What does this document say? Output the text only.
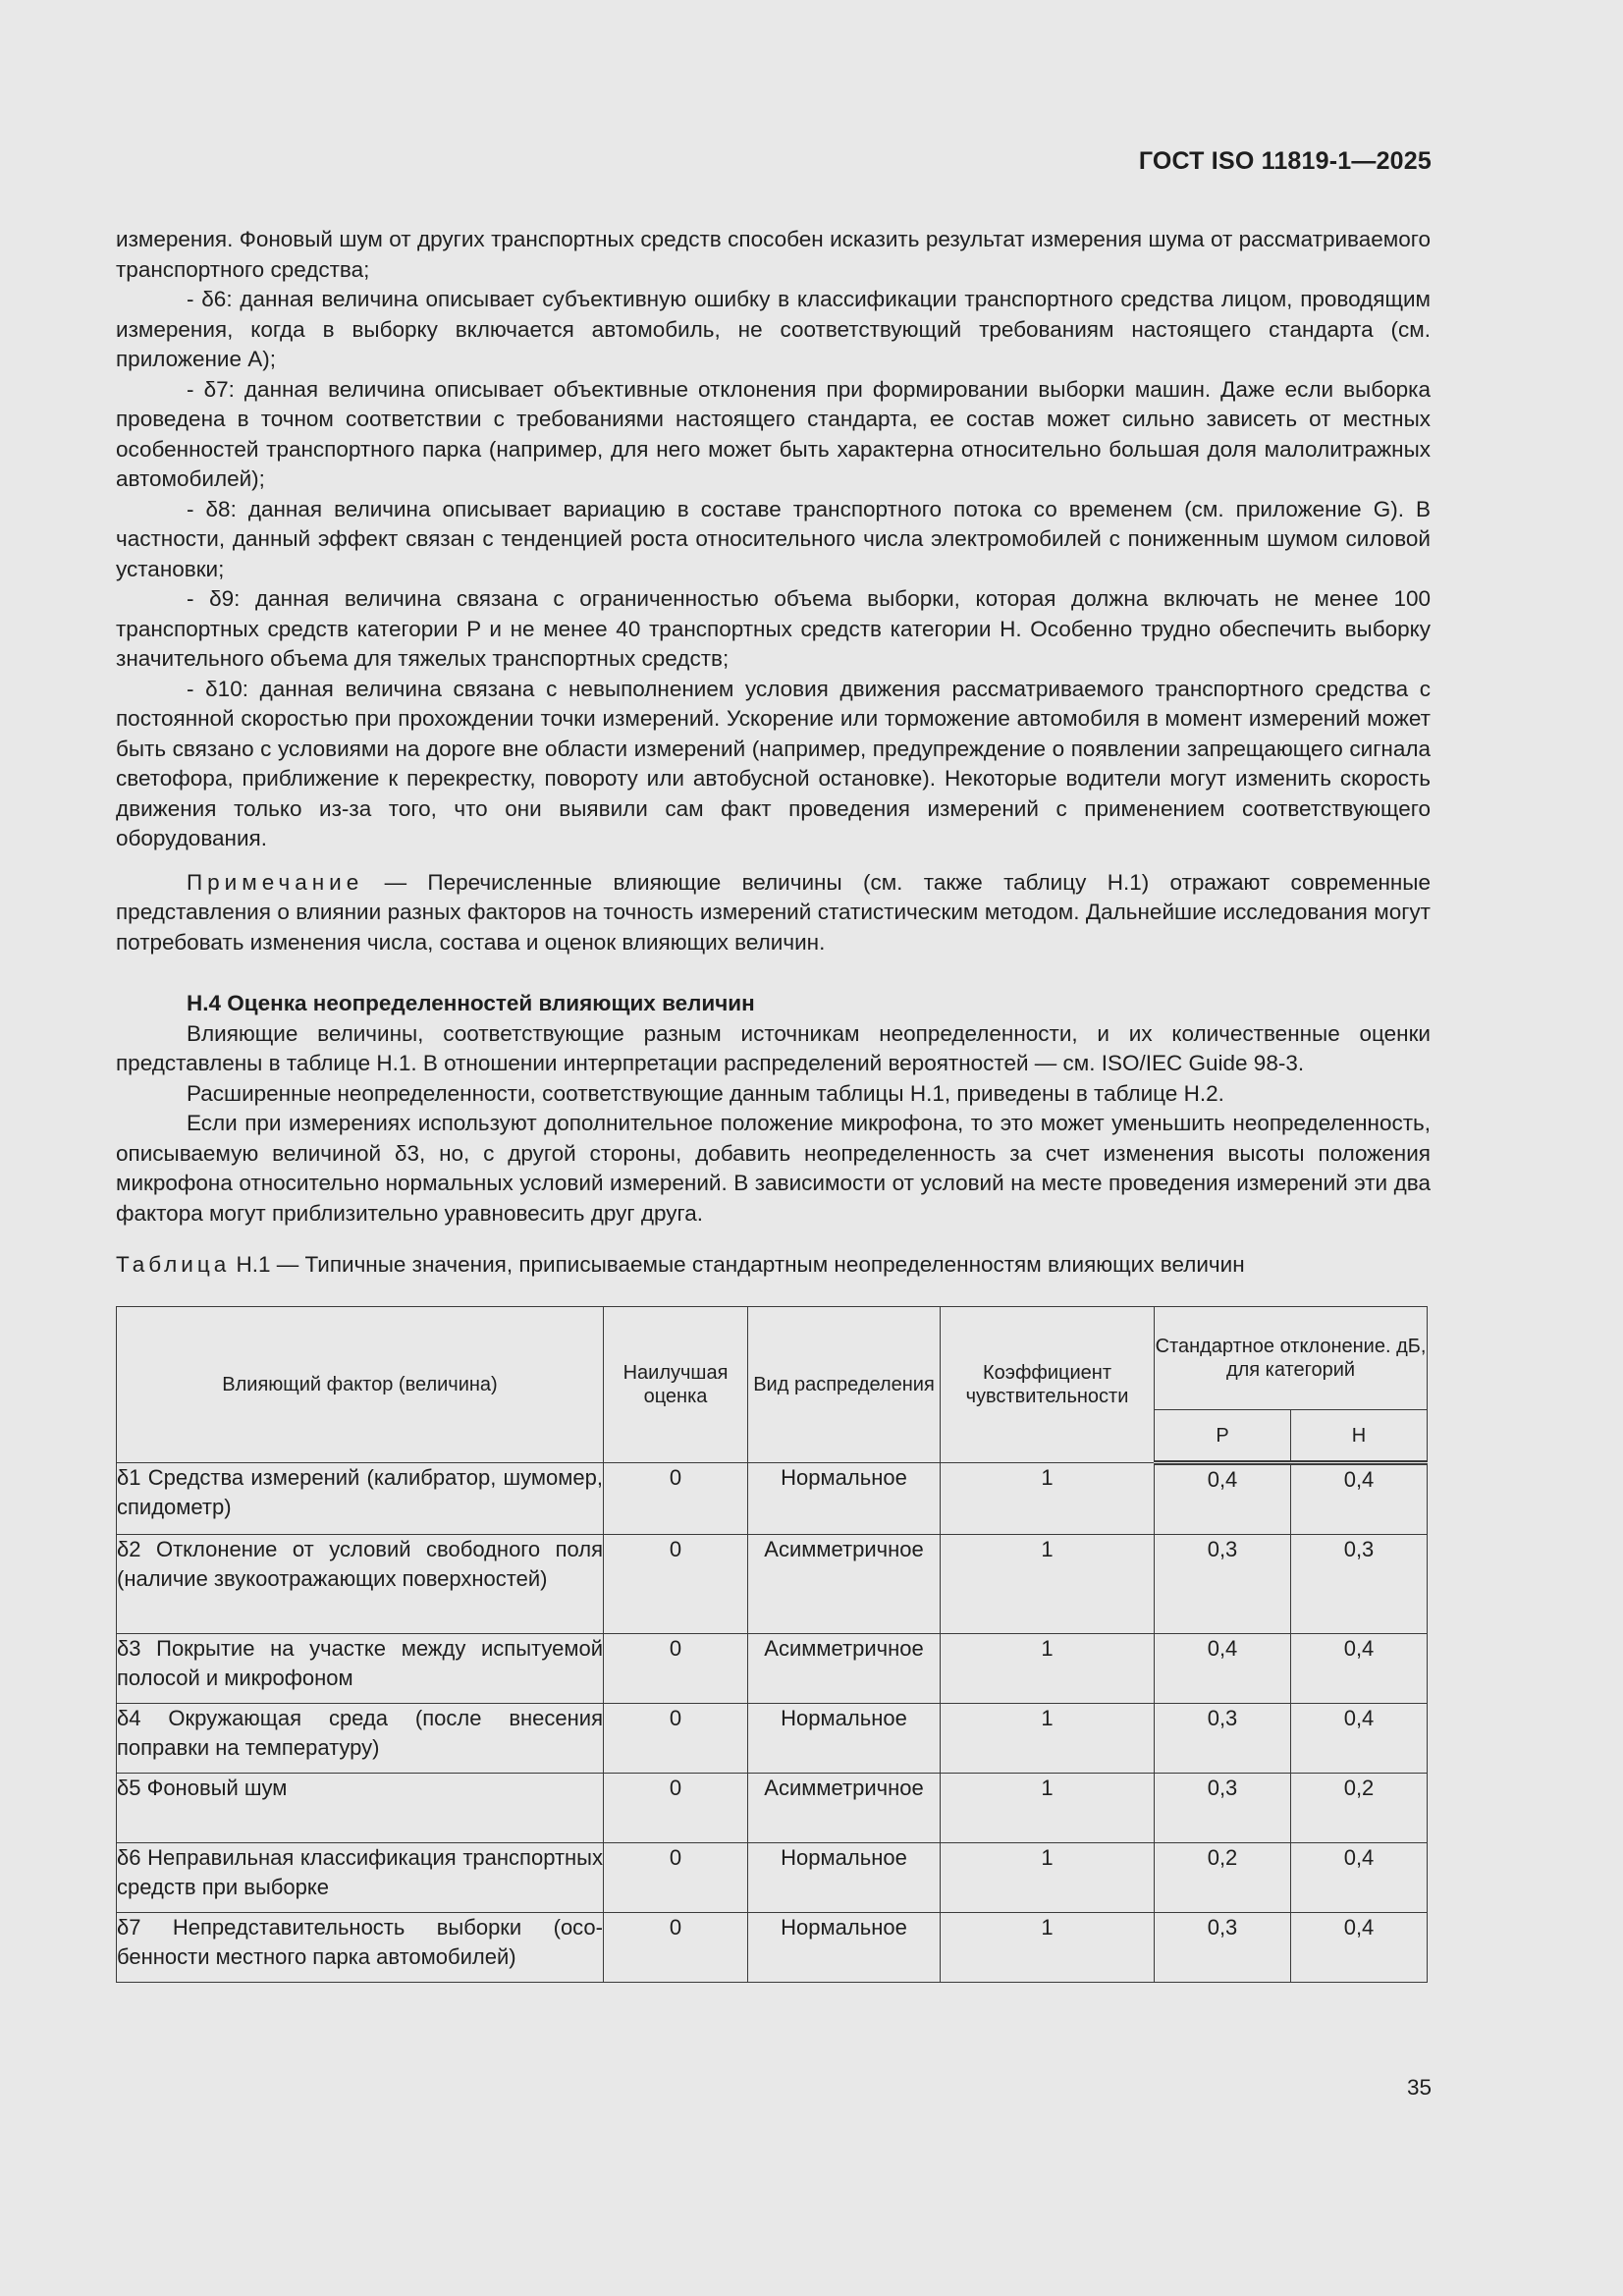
ГОСТ ISO 11819-1—2025

измерения. Фоновый шум от других транспортных средств способен исказить результат измерения шума от рассматриваемого транспортного средства;

- δ6: данная величина описывает субъективную ошибку в классификации транспортного средства лицом, проводящим измерения, когда в выборку включается автомобиль, не соответствующий требованиям настоящего стандарта (см. приложение А);

- δ7: данная величина описывает объективные отклонения при формировании выборки машин. Даже если выборка проведена в точном соответствии с требованиями настоящего стандарта, ее состав может сильно зависеть от местных особенностей транспортного парка (например, для него может быть характерна относительно большая доля малолитражных автомобилей);

- δ8: данная величина описывает вариацию в составе транспортного потока со временем (см. приложение G). В частности, данный эффект связан с тенденцией роста относительного числа электромобилей с пониженным шумом силовой установки;

- δ9: данная величина связана с ограниченностью объема выборки, которая должна включать не менее 100 транспортных средств категории P и не менее 40 транспортных средств категории Н. Особенно трудно обеспечить выборку значительного объема для тяжелых транспортных средств;

- δ10: данная величина связана с невыполнением условия движения рассматриваемого транспортного средства с постоянной скоростью при прохождении точки измерений. Ускорение или торможение автомобиля в момент измерений может быть связано с условиями на дороге вне области измерений (например, предупреждение о появлении запрещающего сигнала светофора, приближение к перекрестку, повороту или автобусной остановке). Некоторые водители могут изменить скорость движения только из-за того, что они выявили сам факт проведения измерений с применением соответствующего оборудования.

Примечание — Перечисленные влияющие величины (см. также таблицу H.1) отражают современные представления о влиянии разных факторов на точность измерений статистическим методом. Дальнейшие исследования могут потребовать изменения числа, состава и оценок влияющих величин.

Н.4 Оценка неопределенностей влияющих величин

Влияющие величины, соответствующие разным источникам неопределенности, и их количественные оценки представлены в таблице Н.1. В отношении интерпретации распределений вероятностей — см. ISO/IEC Guide 98-3.

Расширенные неопределенности, соответствующие данным таблицы Н.1, приведены в таблице Н.2.

Если при измерениях используют дополнительное положение микрофона, то это может уменьшить неопределенность, описываемую величиной δ3, но, с другой стороны, добавить неопределенность за счет изменения высоты положения микрофона относительно нормальных условий измерений. В зависимости от условий на месте проведения измерений эти два фактора могут приблизительно уравновесить друг друга.

Таблица Н.1 — Типичные значения, приписываемые стандартным неопределенностям влияющих величин

Влияющий фактор (величина)	Наилучшая оценка	Вид распределения	Коэффициент чувствительности	Стандартное отклонение. дБ, для категорий	
				P	H
δ1 Средства измерений (калибратор, шумомер, спидометр)	0	Нормальное	1	0,4	0,4
δ2 Отклонение от условий свободного поля (наличие звукоотражающих поверхностей)	0	Асимметричное	1	0,3	0,3
δ3 Покрытие на участке между испытуемой полосой и микрофоном	0	Асимметричное	1	0,4	0,4
δ4 Окружающая среда (после внесения поправки на температуру)	0	Нормальное	1	0,3	0,4
δ5 Фоновый шум	0	Асимметричное	1	0,3	0,2
δ6 Неправильная классификация транспортных средств при выборке	0	Нормальное	1	0,2	0,4
δ7 Непредставительность выборки (особенности местного парка автомобилей)	0	Нормальное	1	0,3	0,4
35
